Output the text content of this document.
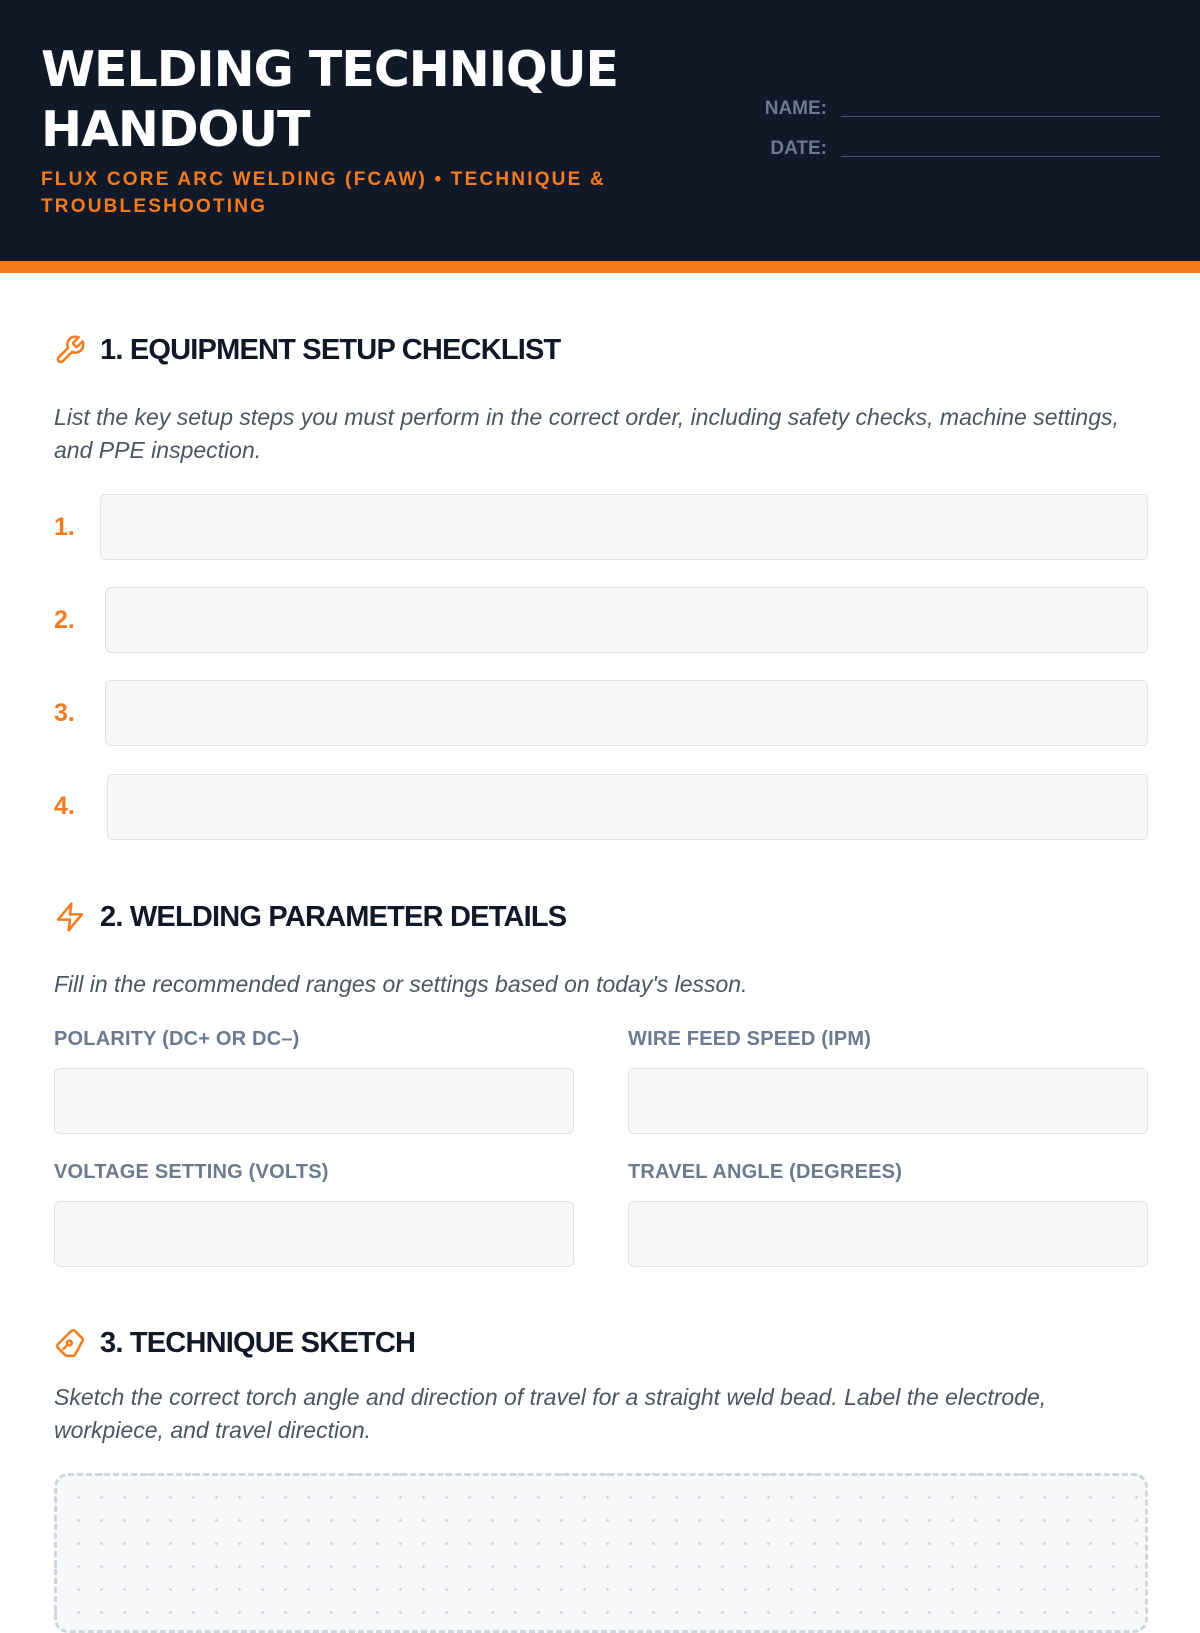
WELDING TECHNIQUE HANDOUT
FLUX CORE ARC WELDING (FCAW) • TECHNIQUE & TROUBLESHOOTING
NAME:
DATE:
1. EQUIPMENT SETUP CHECKLIST

List the key setup steps you must perform in the correct order, including safety checks, machine settings, and PPE inspection.

1.
2.
3.
4.
2. WELDING PARAMETER DETAILS

Fill in the recommended ranges or settings based on today's lesson.

POLARITY (DC+ OR DC–)	WIRE FEED SPEED (IPM)
VOLTAGE SETTING (VOLTS)	TRAVEL ANGLE (DEGREES)
3. TECHNIQUE SKETCH

Sketch the correct torch angle and direction of travel for a straight weld bead. Label the electrode, workpiece, and travel direction.
